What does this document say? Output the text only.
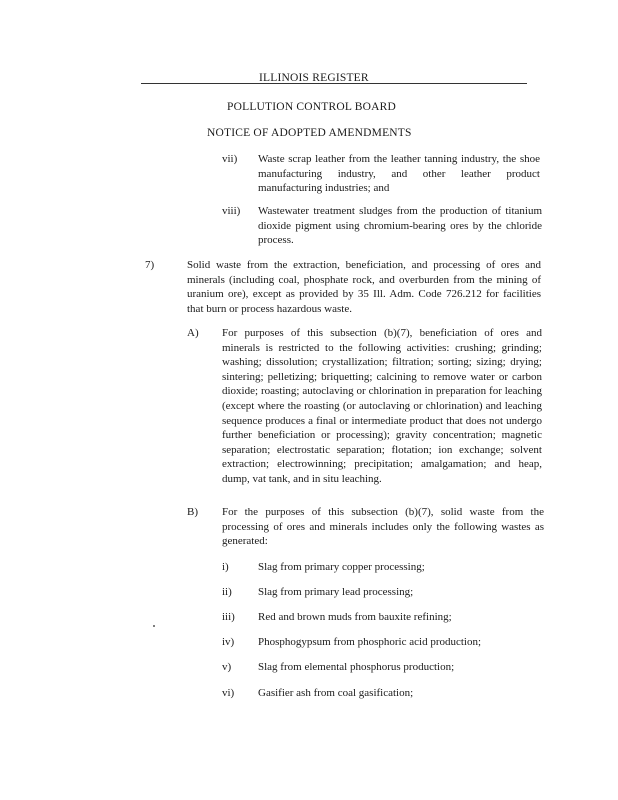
ILLINOIS REGISTER
POLLUTION CONTROL BOARD
NOTICE OF ADOPTED AMENDMENTS
vii) Waste scrap leather from the leather tanning industry, the shoe manufacturing industry, and other leather product manufacturing industries; and
viii) Wastewater treatment sludges from the production of titanium dioxide pigment using chromium-bearing ores by the chloride process.
7)	Solid waste from the extraction, beneficiation, and processing of ores and minerals (including coal, phosphate rock, and overburden from the mining of uranium ore), except as provided by 35 Ill. Adm. Code 726.212 for facilities that burn or process hazardous waste.
A) For purposes of this subsection (b)(7), beneficiation of ores and minerals is restricted to the following activities: crushing; grinding; washing; dissolution; crystallization; filtration; sorting; sizing; drying; sintering; pelletizing; briquetting; calcining to remove water or carbon dioxide; roasting; autoclaving or chlorination in preparation for leaching (except where the roasting (or autoclaving or chlorination) and leaching sequence produces a final or intermediate product that does not undergo further beneficiation or processing); gravity concentration; magnetic separation; electrostatic separation; flotation; ion exchange; solvent extraction; electrowinning; precipitation; amalgamation; and heap, dump, vat tank, and in situ leaching.
B) For the purposes of this subsection (b)(7), solid waste from the processing of ores and minerals includes only the following wastes as generated:
i)	Slag from primary copper processing;
ii) Slag from primary lead processing;
iii) Red and brown muds from bauxite refining;
iv) Phosphogypsum from phosphoric acid production;
v) Slag from elemental phosphorus production;
vi) Gasifier ash from coal gasification;
